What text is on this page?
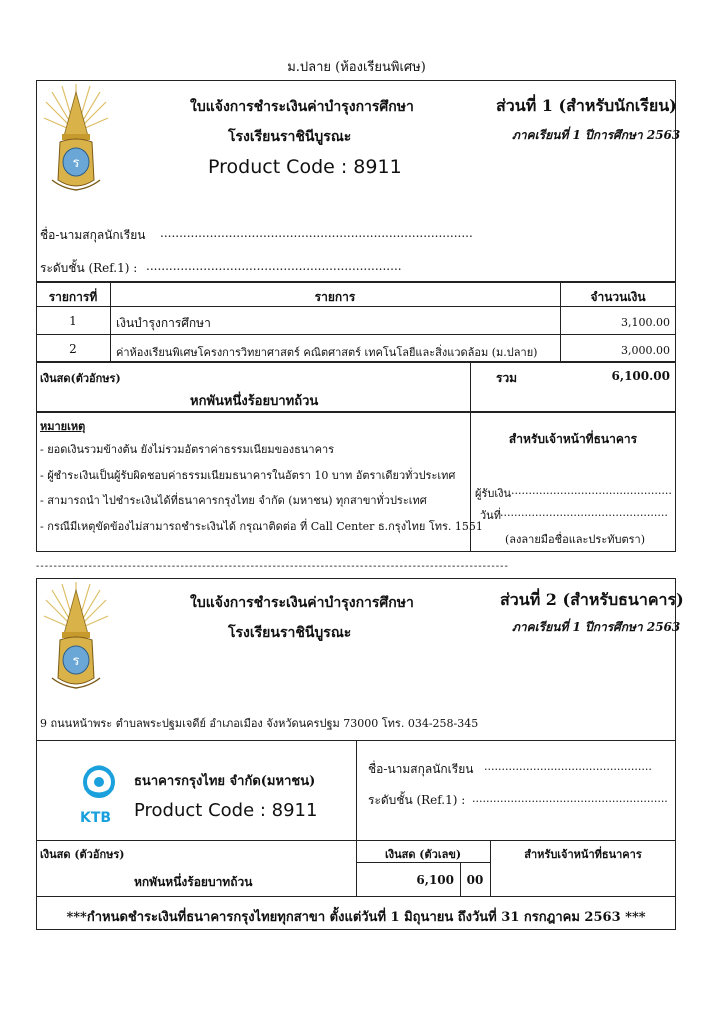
ม.ปลาย (ห้องเรียนพิเศษ)
ร
ใบแจ้งการชำระเงินค่าบำรุงการศึกษา
โรงเรียนราชินีบูรณะ
Product Code : 8911
ส่วนที่ 1 (สำหรับนักเรียน)
ภาคเรียนที่ 1 ปีการศึกษา 2563
ชื่อ-นามสกุลนักเรียน ..................................................................................
ระดับชั้น (Ref.1) : ...................................................................
รายการที่	รายการ	จำนวนเงิน
1	เงินบำรุงการศึกษา	3,100.00
2	ค่าห้องเรียนพิเศษโครงการวิทยาศาสตร์ คณิตศาสตร์ เทคโนโลยีและสิ่งแวดล้อม (ม.ปลาย)	3,000.00
เงินสด(ตัวอักษร)
หกพันหนึ่งร้อยบาทถ้วน
รวม	6,100.00
หมายเหตุ
- ยอดเงินรวมข้างต้น ยังไม่รวมอัตราค่าธรรมเนียมของธนาคาร
- ผู้ชำระเงินเป็นผู้รับผิดชอบค่าธรรมเนียมธนาคารในอัตรา 10 บาท อัตราเดียวทั่วประเทศ
- สามารถนำ ไปชำระเงินได้ที่ธนาคารกรุงไทย จำกัด (มหาชน) ทุกสาขาทั่วประเทศ
- กรณีมีเหตุขัดข้องไม่สามารถชำระเงินได้ กรุณาติดต่อ ที่ Call Center ธ.กรุงไทย โทร. 1551
สำหรับเจ้าหน้าที่ธนาคาร
ผู้รับเงิน ..............................................
วันที่ ................................................
(ลงลายมือชื่อและประทับตรา)
------------------------------------------------------------------------------------------------------------
ร
ใบแจ้งการชำระเงินค่าบำรุงการศึกษา
โรงเรียนราชินีบูรณะ
ส่วนที่ 2 (สำหรับธนาคาร)
ภาคเรียนที่ 1 ปีการศึกษา 2563
9 ถนนหน้าพระ ตำบลพระปฐมเจดีย์ อำเภอเมือง จังหวัดนครปฐม 73000 โทร. 034-258-345
KTB
ธนาคารกรุงไทย จำกัด(มหาชน)
Product Code : 8911
ชื่อ-นามสกุลนักเรียน ................................................
ระดับชั้น (Ref.1) : ........................................................
เงินสด (ตัวอักษร)
หกพันหนึ่งร้อยบาทถ้วน
เงินสด (ตัวเลข)
6,100	00
สำหรับเจ้าหน้าที่ธนาคาร
***กำหนดชำระเงินที่ธนาคารกรุงไทยทุกสาขา ตั้งแต่วันที่ 1 มิถุนายน ถึงวันที่ 31 กรกฎาคม 2563 ***
